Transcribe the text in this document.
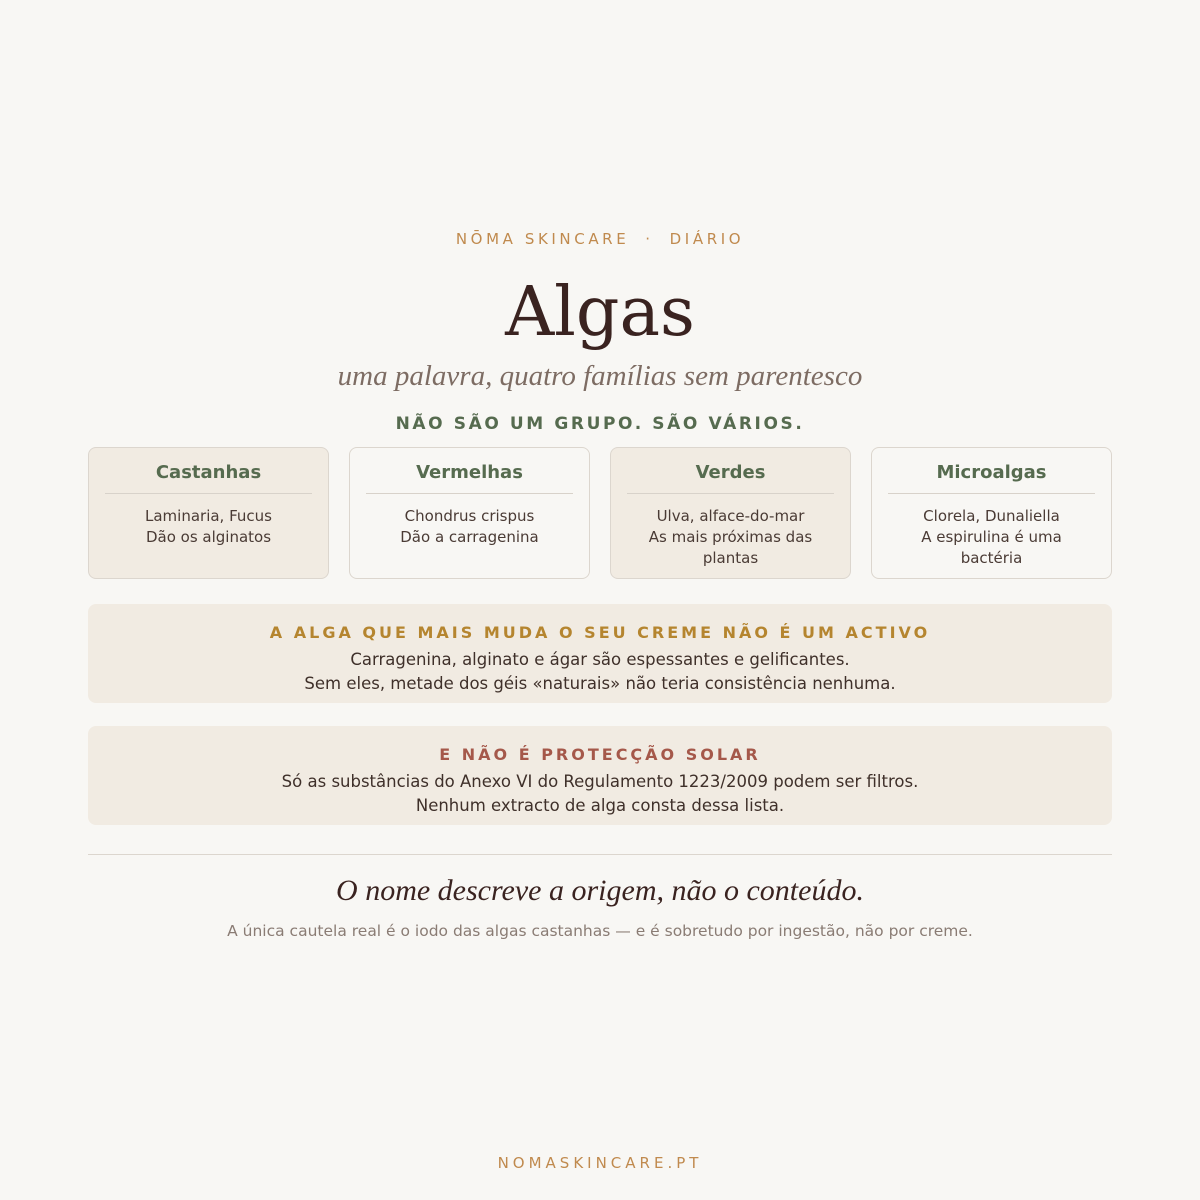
NŌMA SKINCARE · DIÁRIO
Algas
uma palavra, quatro famílias sem parentesco
NÃO SÃO UM GRUPO. SÃO VÁRIOS.
Castanhas
Laminaria, Fucus
Dão os alginatos
Vermelhas
Chondrus crispus
Dão a carragenina
Verdes
Ulva, alface-do-mar
As mais próximas das plantas
Microalgas
Clorela, Dunaliella
A espirulina é uma bactéria
A ALGA QUE MAIS MUDA O SEU CREME NÃO É UM ACTIVO
Carragenina, alginato e ágar são espessantes e gelificantes.
Sem eles, metade dos géis «naturais» não teria consistência nenhuma.
E NÃO É PROTECÇÃO SOLAR
Só as substâncias do Anexo VI do Regulamento 1223/2009 podem ser filtros.
Nenhum extracto de alga consta dessa lista.
O nome descreve a origem, não o conteúdo.
A única cautela real é o iodo das algas castanhas — e é sobretudo por ingestão, não por creme.
NOMASKINCARE.PT
